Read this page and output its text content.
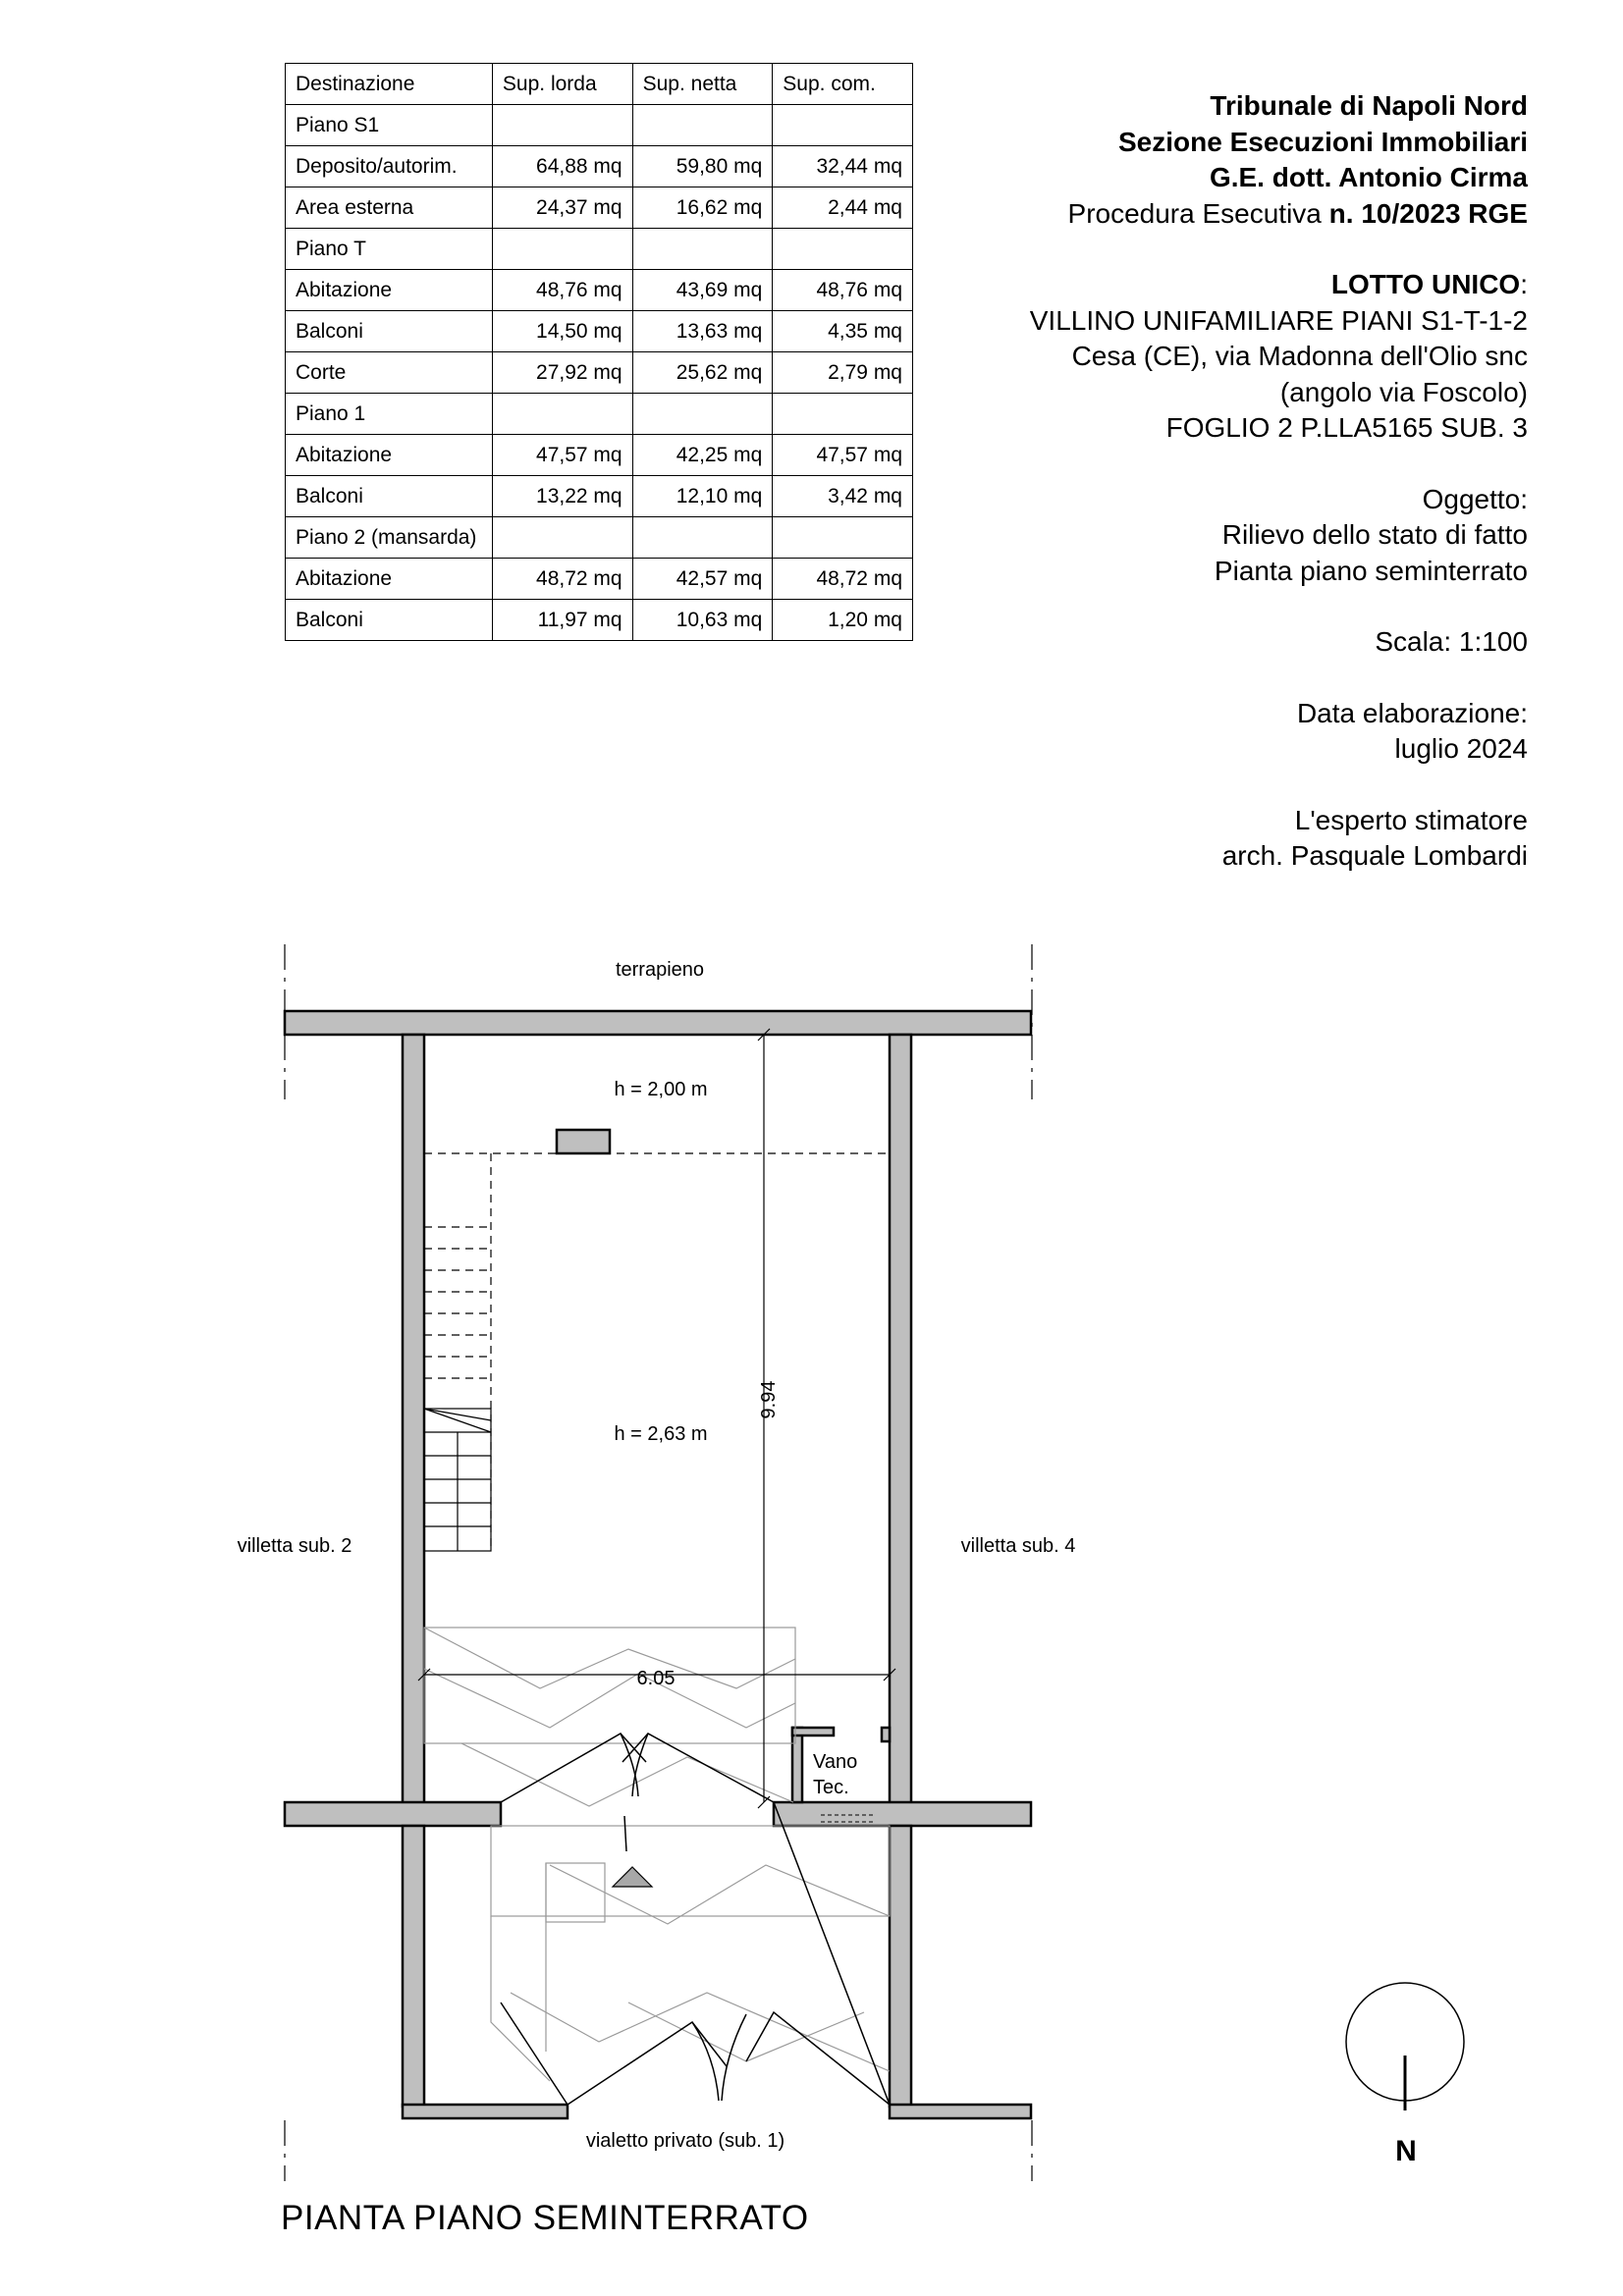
Destinazione	Sup. lorda	Sup. netta	Sup. com.
Piano S1			
Deposito/autorim.	64,88 mq	59,80 mq	32,44 mq
Area esterna	24,37 mq	16,62 mq	2,44 mq
Piano T			
Abitazione	48,76 mq	43,69 mq	48,76 mq
Balconi	14,50 mq	13,63 mq	4,35 mq
Corte	27,92 mq	25,62 mq	2,79 mq
Piano 1			
Abitazione	47,57 mq	42,25 mq	47,57 mq
Balconi	13,22 mq	12,10 mq	3,42 mq
Piano 2 (mansarda)			
Abitazione	48,72 mq	42,57 mq	48,72 mq
Balconi	11,97 mq	10,63 mq	1,20 mq
Tribunale di Napoli Nord
Sezione Esecuzioni Immobiliari
G.E. dott. Antonio Cirma
Procedura Esecutiva n. 10/2023 RGE
LOTTO UNICO:
VILLINO UNIFAMILIARE PIANI S1-T-1-2
Cesa (CE), via Madonna dell'Olio snc
(angolo via Foscolo)
FOGLIO 2 P.LLA5165 SUB. 3
Oggetto:
Rilievo dello stato di fatto
Pianta piano seminterrato
Scala: 1:100
Data elaborazione:
luglio 2024
L'esperto stimatore
arch. Pasquale Lombardi
terrapieno
h = 2,00 m
h = 2,63 m
villetta sub. 2	villetta sub. 4
vialetto privato (sub. 1)
9.94
6.05
Vano
Tec.
N
PIANTA PIANO SEMINTERRATO
